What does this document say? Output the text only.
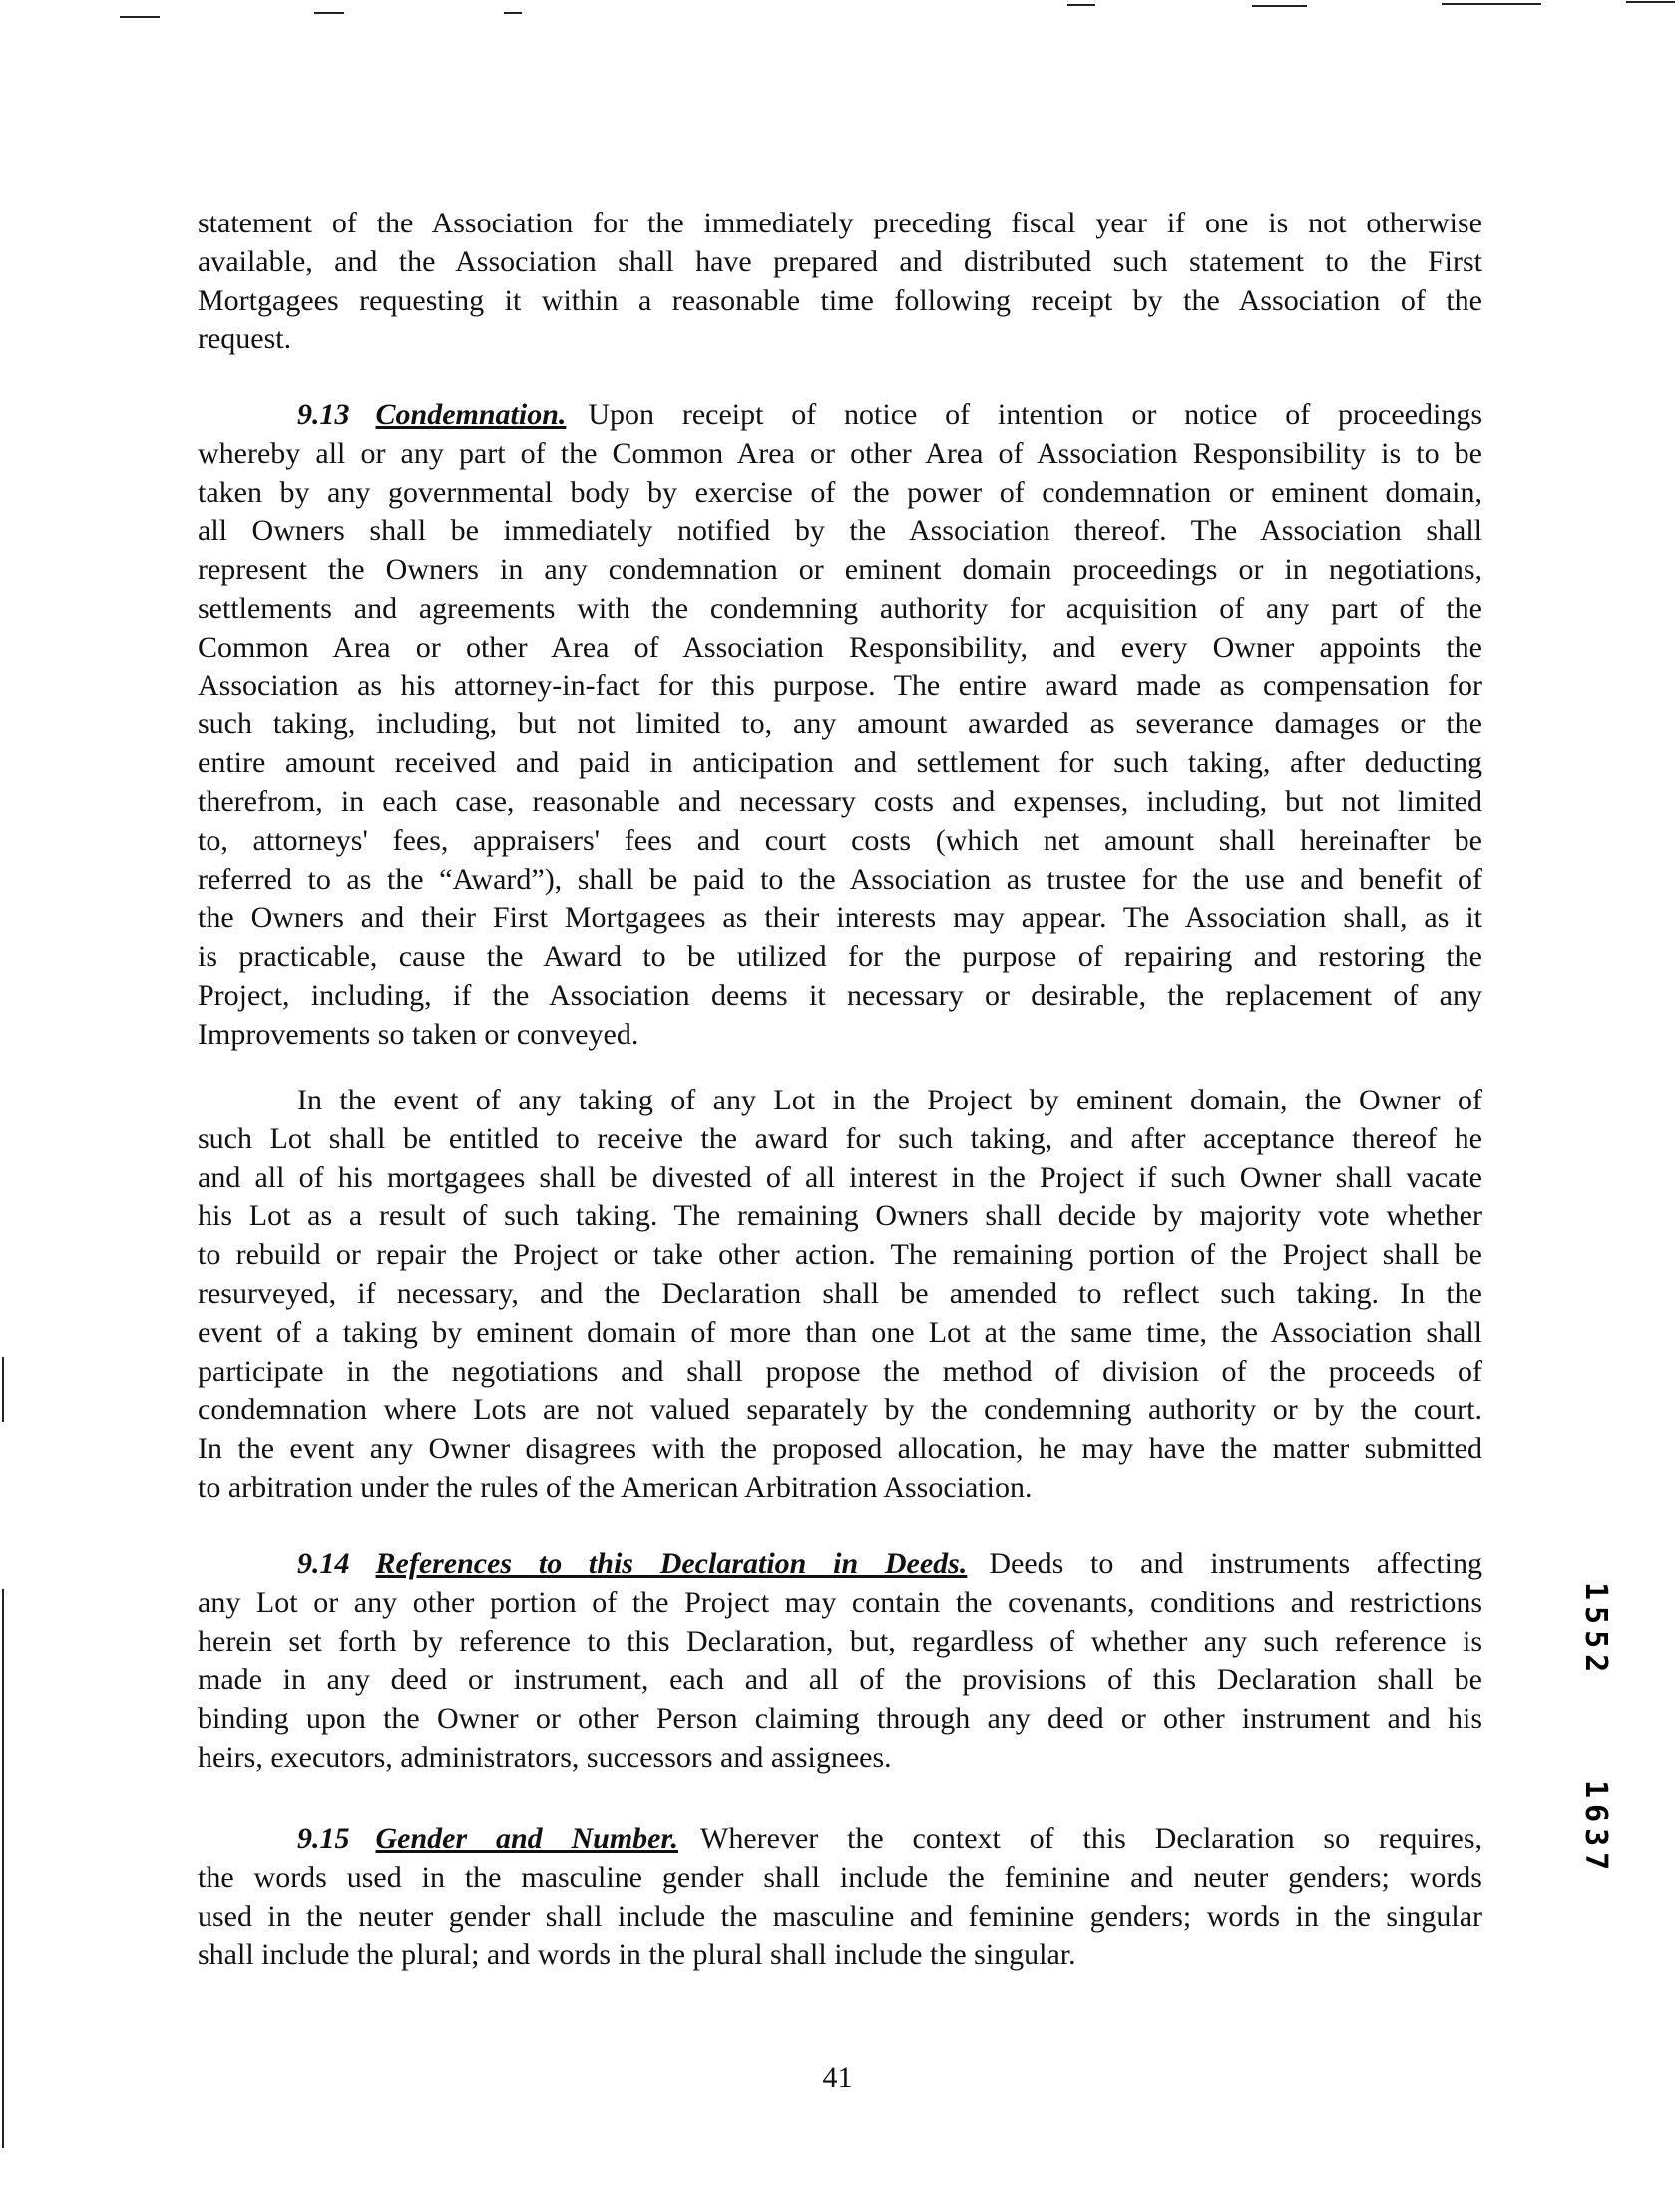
statement of the Association for the immediately preceding fiscal year if one is not otherwise
available, and the Association shall have prepared and distributed such statement to the First
Mortgagees requesting it within a reasonable time following receipt by the Association of the
request.
9.13 Condemnation. Upon receipt of notice of intention or notice of proceedings
whereby all or any part of the Common Area or other Area of Association Responsibility is to be
taken by any governmental body by exercise of the power of condemnation or eminent domain,
all Owners shall be immediately notified by the Association thereof. The Association shall
represent the Owners in any condemnation or eminent domain proceedings or in negotiations,
settlements and agreements with the condemning authority for acquisition of any part of the
Common Area or other Area of Association Responsibility, and every Owner appoints the
Association as his attorney-in-fact for this purpose. The entire award made as compensation for
such taking, including, but not limited to, any amount awarded as severance damages or the
entire amount received and paid in anticipation and settlement for such taking, after deducting
therefrom, in each case, reasonable and necessary costs and expenses, including, but not limited
to, attorneys' fees, appraisers' fees and court costs (which net amount shall hereinafter be
referred to as the “Award”), shall be paid to the Association as trustee for the use and benefit of
the Owners and their First Mortgagees as their interests may appear. The Association shall, as it
is practicable, cause the Award to be utilized for the purpose of repairing and restoring the
Project, including, if the Association deems it necessary or desirable, the replacement of any
Improvements so taken or conveyed.
In the event of any taking of any Lot in the Project by eminent domain, the Owner of
such Lot shall be entitled to receive the award for such taking, and after acceptance thereof he
and all of his mortgagees shall be divested of all interest in the Project if such Owner shall vacate
his Lot as a result of such taking. The remaining Owners shall decide by majority vote whether
to rebuild or repair the Project or take other action. The remaining portion of the Project shall be
resurveyed, if necessary, and the Declaration shall be amended to reflect such taking. In the
event of a taking by eminent domain of more than one Lot at the same time, the Association shall
participate in the negotiations and shall propose the method of division of the proceeds of
condemnation where Lots are not valued separately by the condemning authority or by the court.
In the event any Owner disagrees with the proposed allocation, he may have the matter submitted
to arbitration under the rules of the American Arbitration Association.
9.14 References to this Declaration in Deeds. Deeds to and instruments affecting
any Lot or any other portion of the Project may contain the covenants, conditions and restrictions
herein set forth by reference to this Declaration, but, regardless of whether any such reference is
made in any deed or instrument, each and all of the provisions of this Declaration shall be
binding upon the Owner or other Person claiming through any deed or other instrument and his
heirs, executors, administrators, successors and assignees.
9.15 Gender and Number. Wherever the context of this Declaration so requires,
the words used in the masculine gender shall include the feminine and neuter genders; words
used in the neuter gender shall include the masculine and feminine genders; words in the singular
shall include the plural; and words in the plural shall include the singular.
41
1552
1637
